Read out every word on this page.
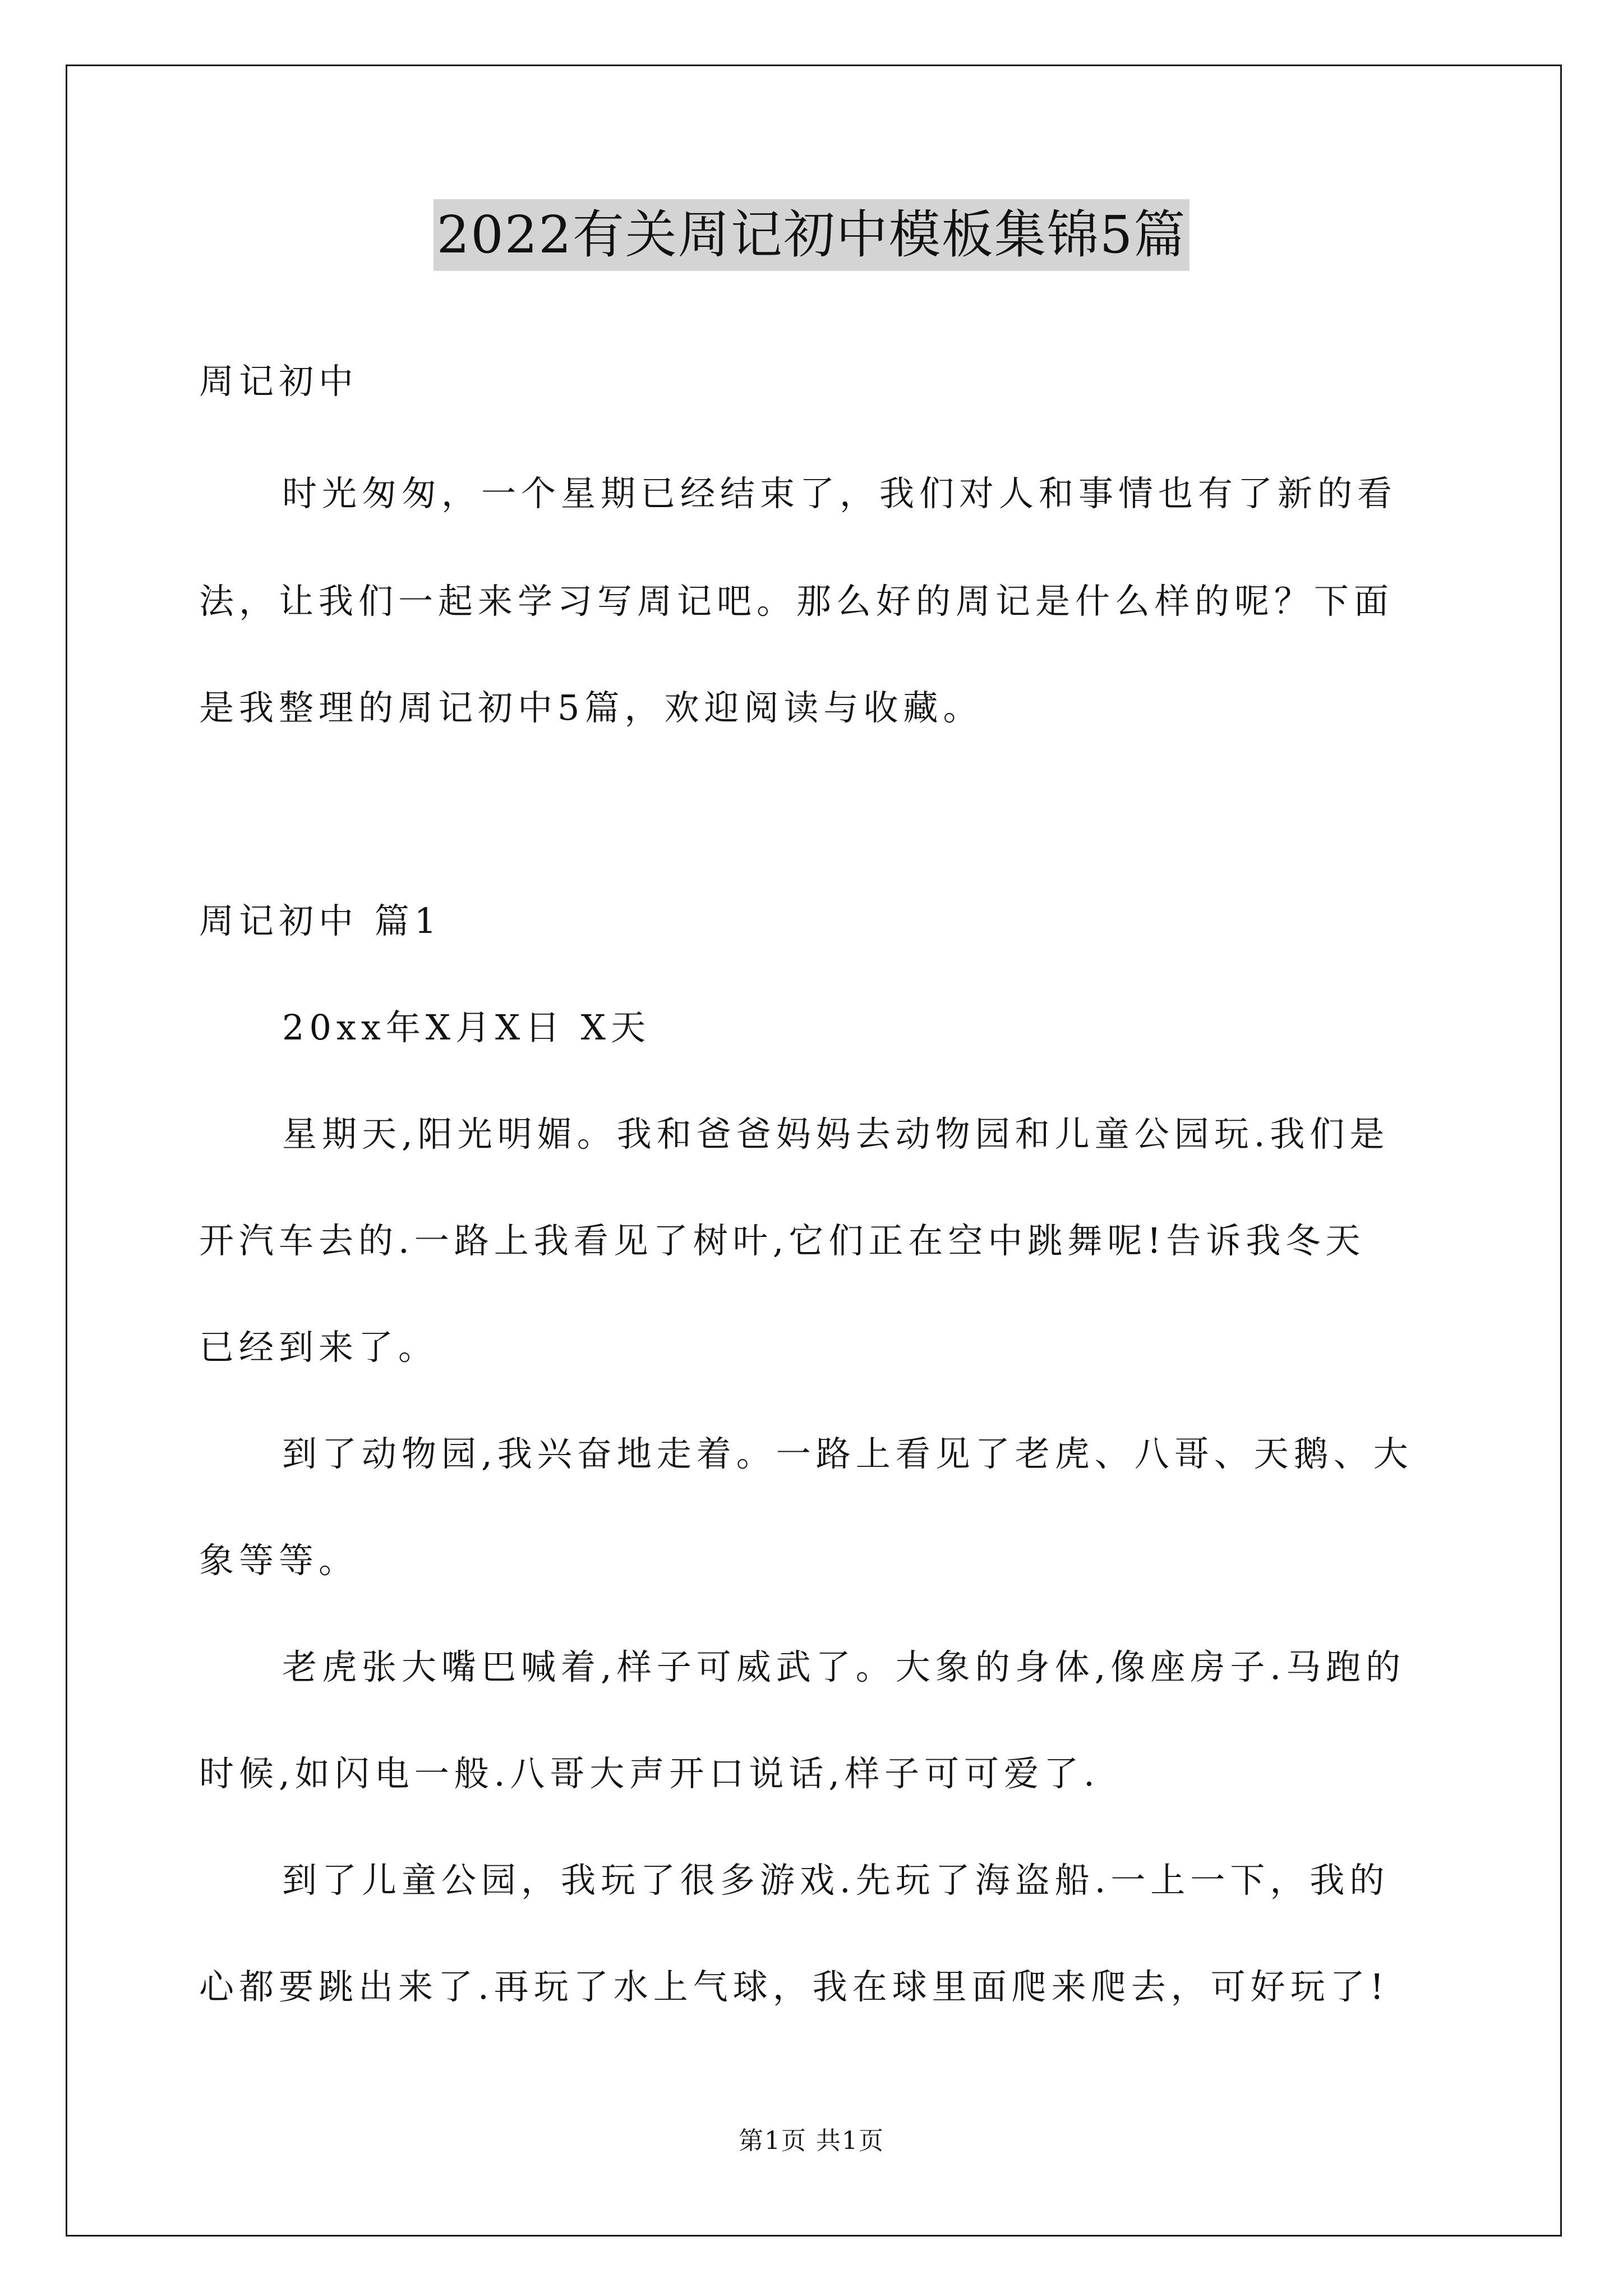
2022有关周记初中模板集锦5篇
周记初中
时光匆匆，一个星期已经结束了，我们对人和事情也有了新的看
法，让我们一起来学习写周记吧。那么好的周记是什么样的呢？下面
是我整理的周记初中5篇，欢迎阅读与收藏。
周记初中 篇1
20xx年X月X日 X天
星期天,阳光明媚。我和爸爸妈妈去动物园和儿童公园玩.我们是
开汽车去的.一路上我看见了树叶,它们正在空中跳舞呢!告诉我冬天
已经到来了。
到了动物园,我兴奋地走着。一路上看见了老虎、八哥、天鹅、大
象等等。
老虎张大嘴巴喊着,样子可威武了。大象的身体,像座房子.马跑的
时候,如闪电一般.八哥大声开口说话,样子可可爱了.
到了儿童公园，我玩了很多游戏.先玩了海盗船.一上一下，我的
心都要跳出来了.再玩了水上气球，我在球里面爬来爬去，可好玩了!
第1页 共1页
